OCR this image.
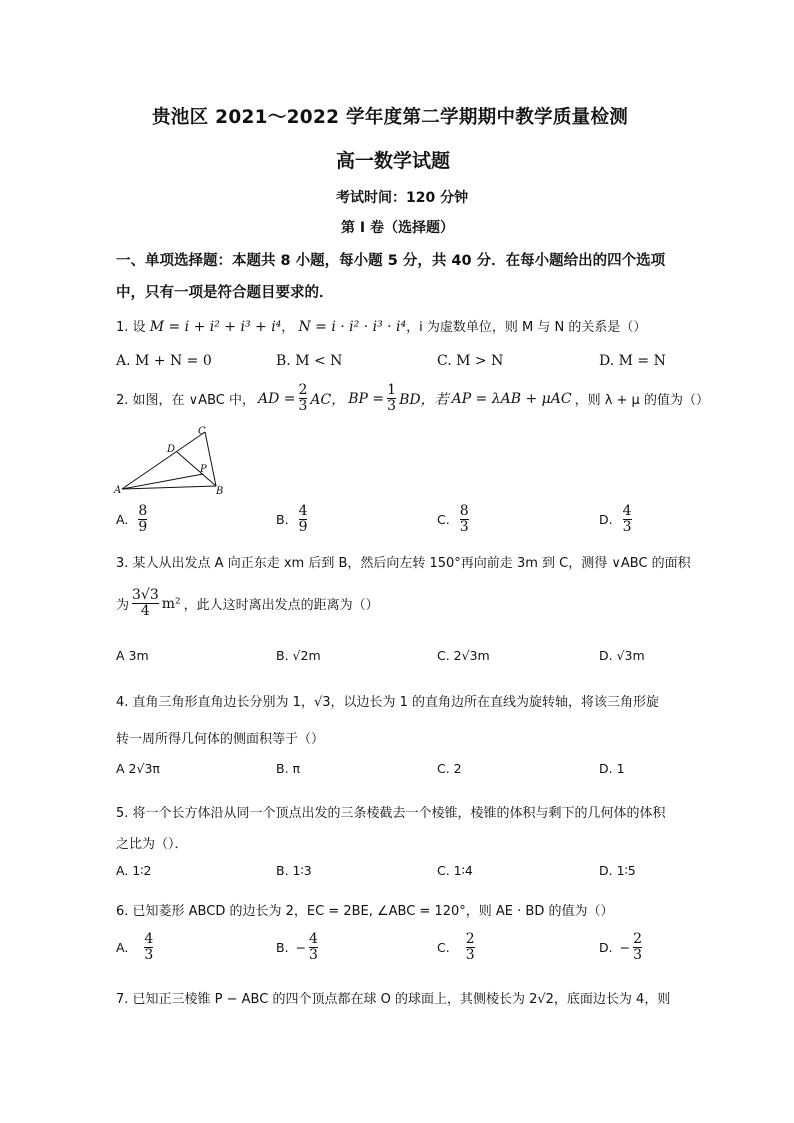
贵池区 2021～2022 学年度第二学期期中教学质量检测
高一数学试题
考试时间：120 分钟
第 I 卷（选择题）
一、单项选择题：本题共 8 小题，每小题 5 分，共 40 分．在每小题给出的四个选项
中，只有一项是符合题目要求的．
1. 设 M = i + i² + i³ + i⁴， N = i · i² · i³ · i⁴，i 为虚数单位，则 M 与 N 的关系是（）
A. M + N = 0	B. M < N	C. M > N	D. M = N
2. 如图，在 ∨ABC 中， AD = $\frac{2}{3}$ AC， BP = $\frac{1}{3}$ BD，若 AP = λAB + μAC ，则 λ + μ 的值为（）
C
D
P
A	B
A. $\frac{8}{9}$	B. $\frac{4}{9}$	C. $\frac{8}{3}$	D. $\frac{4}{3}$
3. 某人从出发点 A 向正东走 xm 后到 B，然后向左转 150°再向前走 3m 到 C，测得 ∨ABC 的面积
为 $\frac{3√3}{4} m^2$ ，此人这时离出发点的距离为（）
A 3m	B. √2m	C. 2√3m	D. √3m
4. 直角三角形直角边长分别为 1，√3，以边长为 1 的直角边所在直线为旋转轴，将该三角形旋
转一周所得几何体的侧面积等于（）
A 2√3π	B. π	C. 2	D. 1
5. 将一个长方体沿从同一个顶点出发的三条棱截去一个棱锥，棱锥的体积与剩下的几何体的体积
之比为（）．
A. 1∶2	B. 1∶3	C. 1∶4	D. 1∶5
6. 已知菱形 ABCD 的边长为 2，EC = 2BE, ∠ABC = 120°，则 AE · BD 的值为（）
A. $\frac{4}{3}$	B. − $\frac{4}{3}$	C. $\frac{2}{3}$	D. − $\frac{2}{3}$
7. 已知正三棱锥 P − ABC 的四个顶点都在球 O 的球面上，其侧棱长为 2√2，底面边长为 4，则
